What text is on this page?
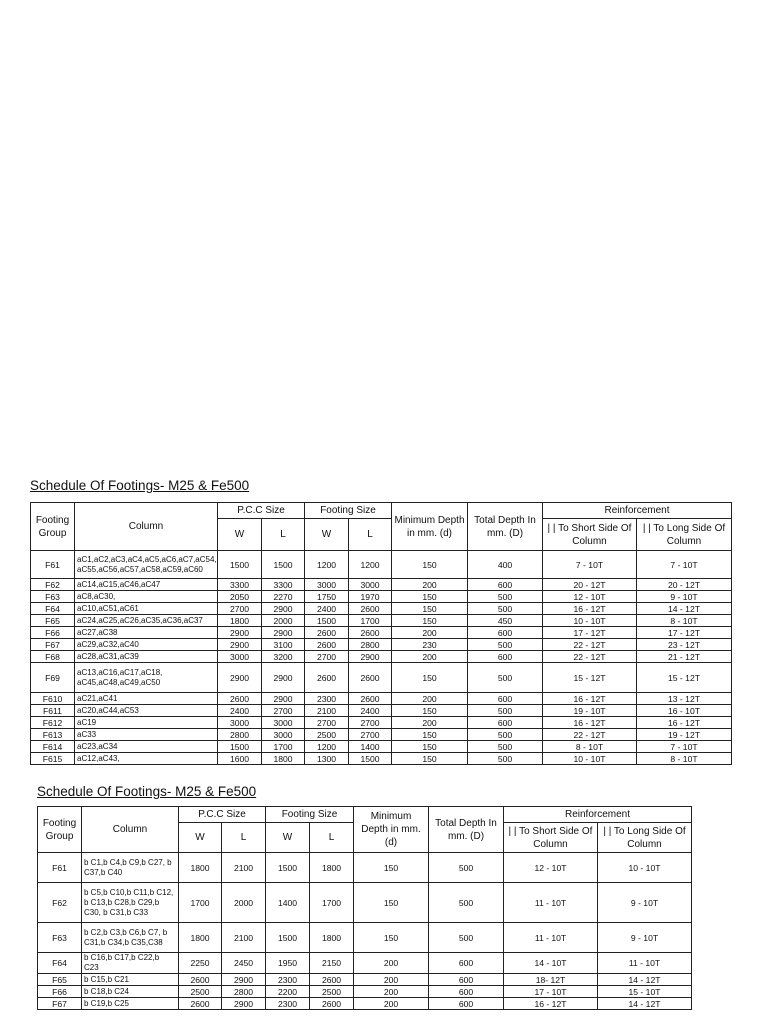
Schedule Of Footings- M25 & Fe500
Footing Group	Column	P.C.C Size		Footing Size		Minimum Depth in mm. (d)	Total Depth In mm. (D)	Reinforcement	
		W	L	W	L			| | To Short Side Of Column	| | To Long Side Of Column
F61	aC1,aC2,aC3,aC4,aC5,aC6,aC7,aC54, aC55,aC56,aC57,aC58,aC59,aC60	1500	1500	1200	1200	150	400	7 - 10T	7 - 10T
F62	aC14,aC15,aC46,aC47	3300	3300	3000	3000	200	600	20 - 12T	20 - 12T
F63	aC8,aC30,	2050	2270	1750	1970	150	500	12 - 10T	9 - 10T
F64	aC10,aC51,aC61	2700	2900	2400	2600	150	500	16 - 12T	14 - 12T
F65	aC24,aC25,aC26,aC35,aC36,aC37	1800	2000	1500	1700	150	450	10 - 10T	8 - 10T
F66	aC27,aC38	2900	2900	2600	2600	200	600	17 - 12T	17 - 12T
F67	aC29,aC32,aC40	2900	3100	2600	2800	230	500	22 - 12T	23 - 12T
F68	aC28,aC31,aC39	3000	3200	2700	2900	200	600	22 - 12T	21 - 12T
F69	aC13,aC16,aC17,aC18, aC45,aC48,aC49,aC50	2900	2900	2600	2600	150	500	15 - 12T	15 - 12T
F610	aC21,aC41	2600	2900	2300	2600	200	600	16 - 12T	13 - 12T
F611	aC20,aC44,aC53	2400	2700	2100	2400	150	500	19 - 10T	16 - 10T
F612	aC19	3000	3000	2700	2700	200	600	16 - 12T	16 - 12T
F613	aC33	2800	3000	2500	2700	150	500	22 - 12T	19 - 12T
F614	aC23,aC34	1500	1700	1200	1400	150	500	8 - 10T	7 - 10T
F615	aC12,aC43,	1600	1800	1300	1500	150	500	10 - 10T	8 - 10T
Schedule Of Footings- M25 & Fe500
Footing Group	Column	P.C.C Size		Footing Size		Minimum Depth in mm. (d)	Total Depth In mm. (D)	Reinforcement	
		W	L	W	L			| | To Short Side Of Column	| | To Long Side Of Column
F61	b C1,b C4,b C9,b C27, b C37,b C40	1800	2100	1500	1800	150	500	12 - 10T	10 - 10T
F62	b C5,b C10,b C11,b C12, b C13,b C28,b C29,b C30, b C31,b C33	1700	2000	1400	1700	150	500	11 - 10T	9 - 10T
F63	b C2,b C3,b C6,b C7, b C31,b C34,b C35,C38	1800	2100	1500	1800	150	500	11 - 10T	9 - 10T
F64	b C16,b C17,b C22,b C23	2250	2450	1950	2150	200	600	14 - 10T	11 - 10T
F65	b C15,b C21	2600	2900	2300	2600	200	600	18- 12T	14 - 12T
F66	b C18,b C24	2500	2800	2200	2500	200	600	17 - 10T	15 - 10T
F67	b C19,b C25	2600	2900	2300	2600	200	600	16 - 12T	14 - 12T
